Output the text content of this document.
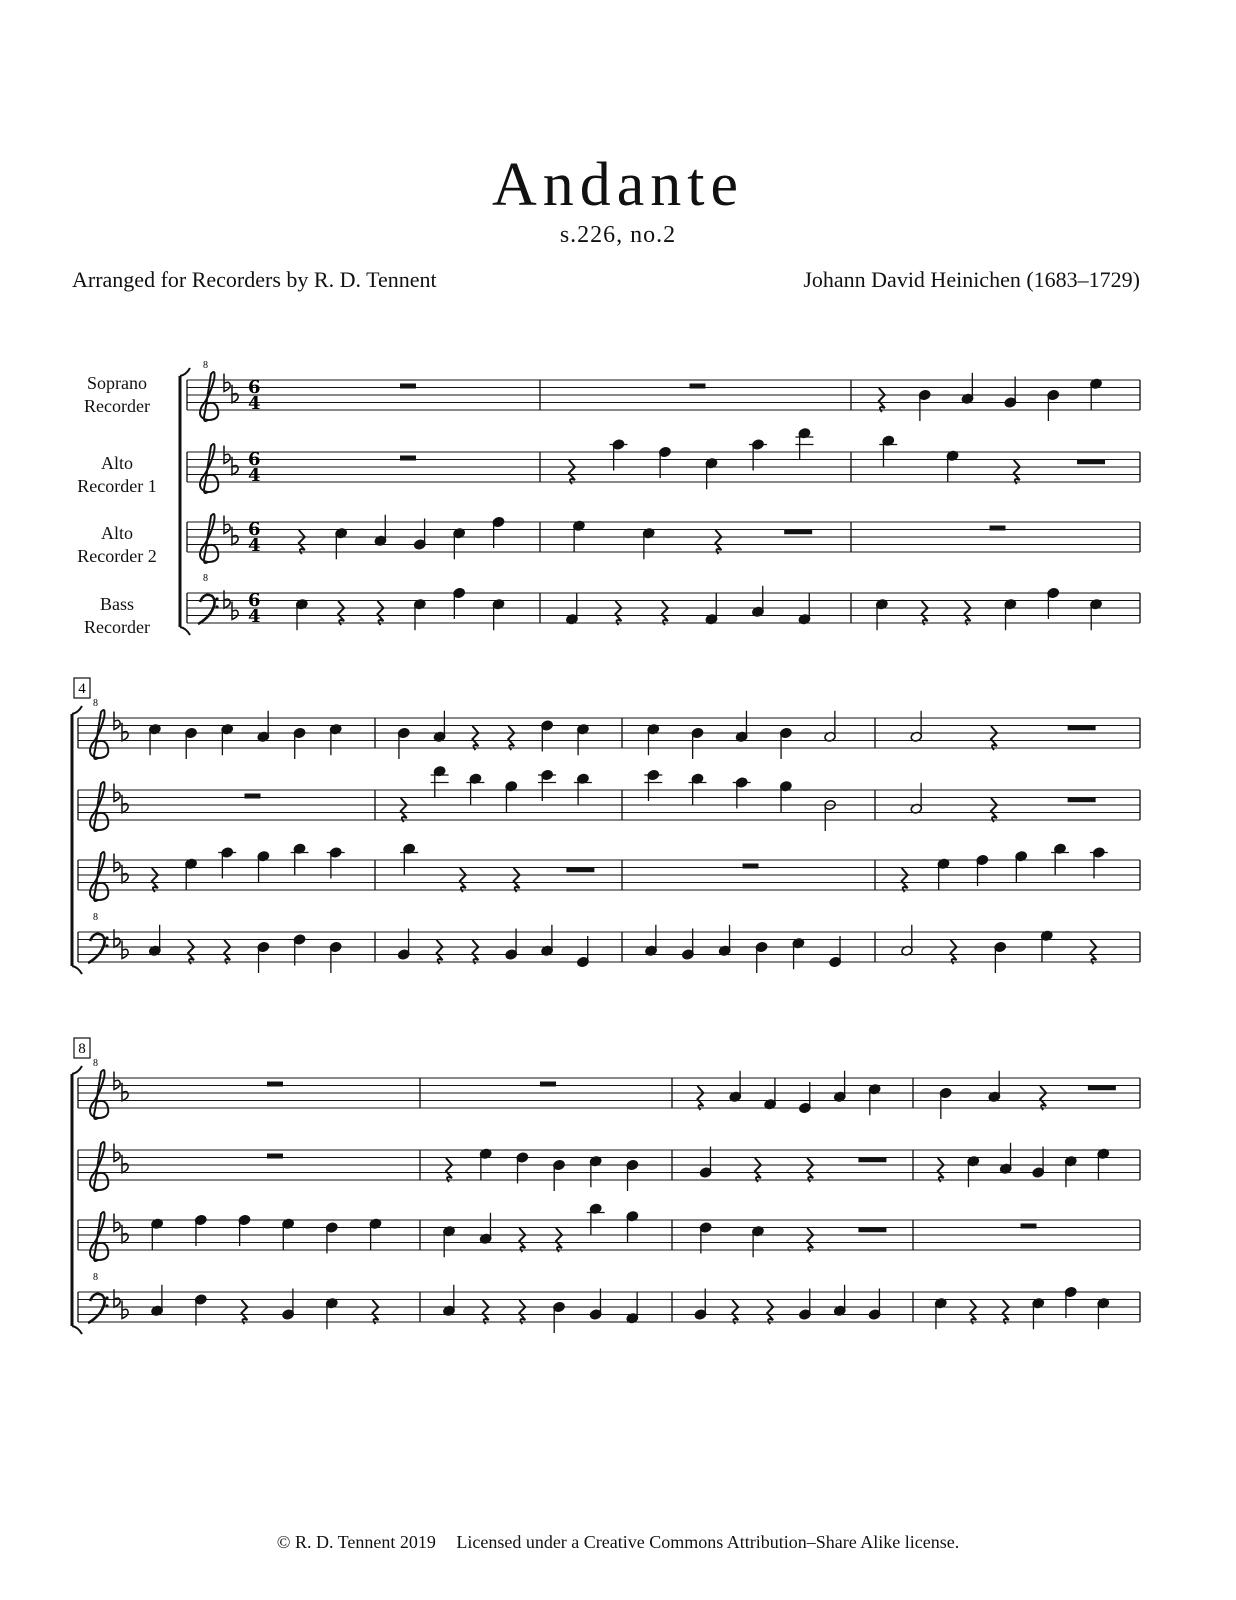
Andante
s.226, no.2
Arranged for Recorders by R. D. Tennent	Johann David Heinichen (1683–1729)
Soprano
Recorder
Alto
Recorder 1
Alto
Recorder 2
Bass
Recorder
8
6
4
6
4
6
4
8
6
4
4
8
8
8
8
8
© R. D. Tennent 2019 Licensed under a Creative Commons Attribution–Share Alike license.
